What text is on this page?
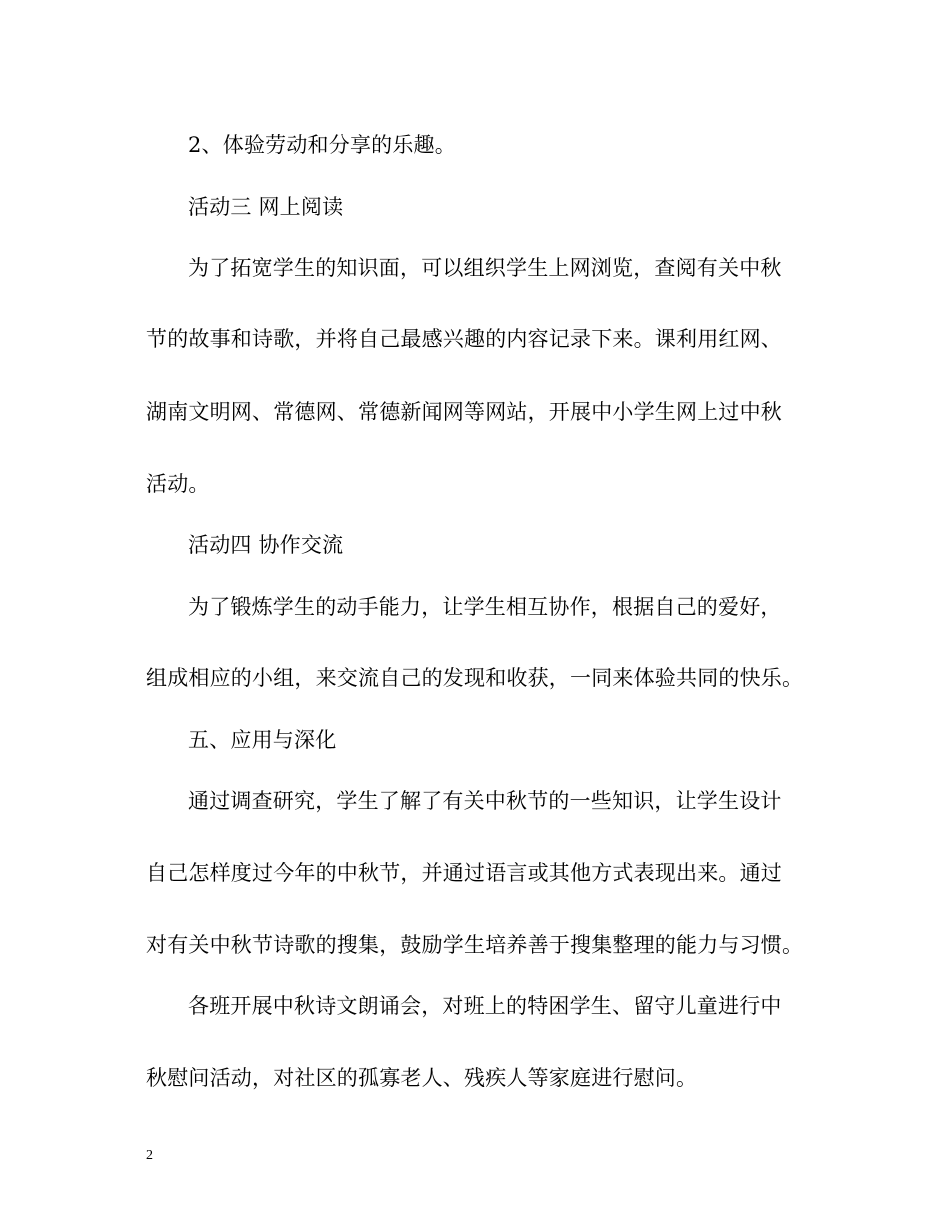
2、体验劳动和分享的乐趣。
活动三 网上阅读
为了拓宽学生的知识面，可以组织学生上网浏览，查阅有关中秋
节的故事和诗歌，并将自己最感兴趣的内容记录下来。课利用红网、
湖南文明网、常德网、常德新闻网等网站，开展中小学生网上过中秋
活动。
活动四 协作交流
为了锻炼学生的动手能力，让学生相互协作，根据自己的爱好，
组成相应的小组，来交流自己的发现和收获，一同来体验共同的快乐。
五、应用与深化
通过调查研究，学生了解了有关中秋节的一些知识，让学生设计
自己怎样度过今年的中秋节，并通过语言或其他方式表现出来。通过
对有关中秋节诗歌的搜集，鼓励学生培养善于搜集整理的能力与习惯。
各班开展中秋诗文朗诵会，对班上的特困学生、留守儿童进行中
秋慰问活动，对社区的孤寡老人、残疾人等家庭进行慰问。
2
